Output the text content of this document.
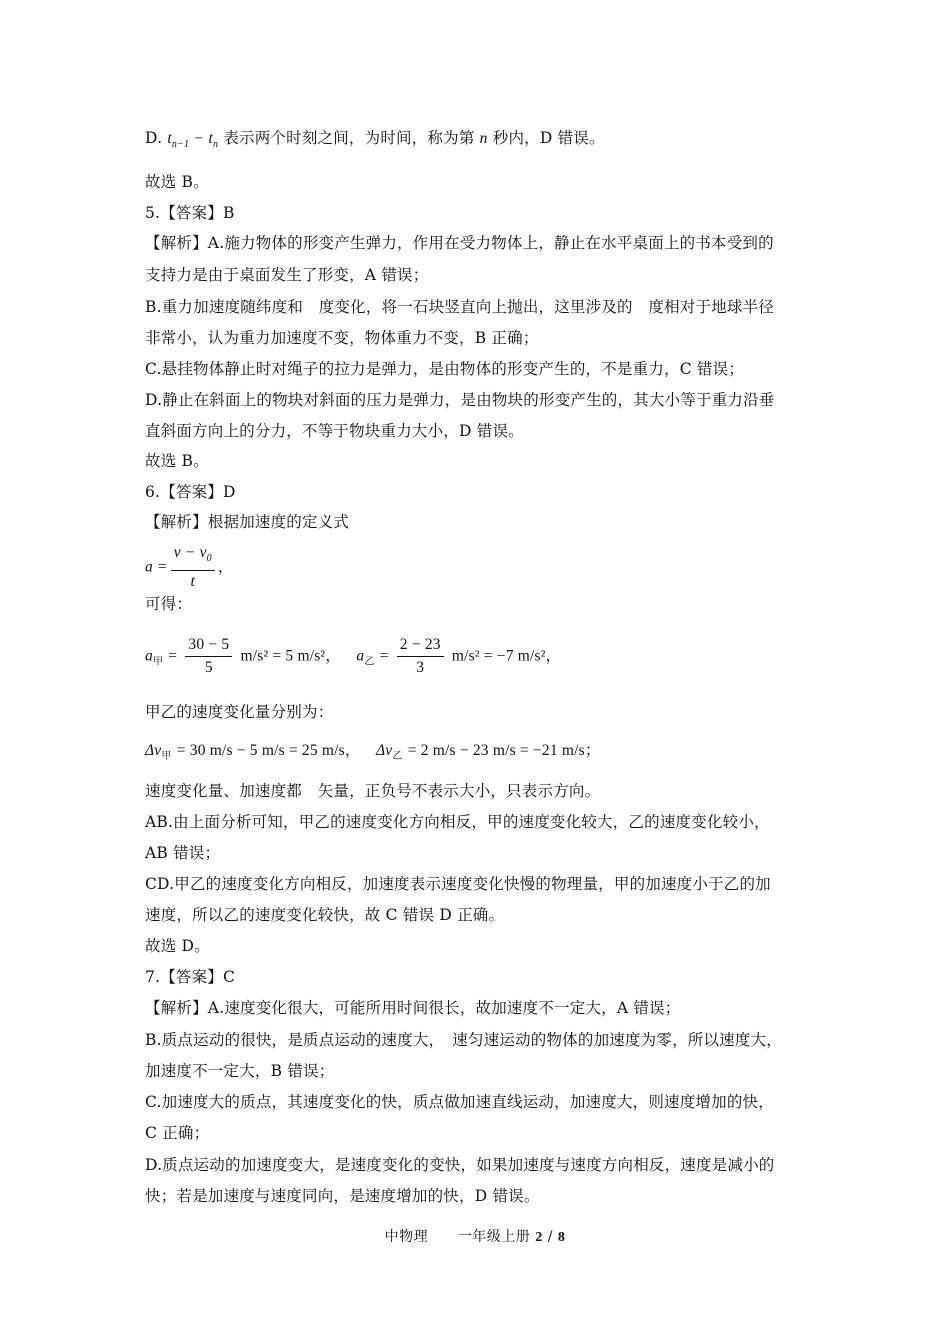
D. $t_{n-1} - t_n$ 表示两个时刻之间，为时间，称为第 n 秒内，D 错误。
故选 B。
5.【答案】B
【解析】A.施力物体的形变产生弹力，作用在受力物体上，静止在水平桌面上的书本受到的
支持力是由于桌面发生了形变，A 错误；
B.重力加速度随纬度和　度变化，将一石块竖直向上抛出，这里涉及的　度相对于地球半径
非常小，认为重力加速度不变，物体重力不变，B 正确；
C.悬挂物体静止时对绳子的拉力是弹力，是由物体的形变产生的，不是重力，C 错误；
D.静止在斜面上的物块对斜面的压力是弹力，是由物块的形变产生的，其大小等于重力沿垂
直斜面方向上的分力，不等于物块重力大小，D 错误。
故选 B。
6.【答案】D
【解析】根据加速度的定义式
$a = \frac{v - v_0}{t}$ ，
可得：
$a_甲 = \frac{30 - 5}{5} m/s^2 = 5$ m/s²， $a_乙 = \frac{2 - 23}{3} m/s^2 = -7$ m/s²，
甲乙的速度变化量分别为：
$\Delta v_甲 = 30$ m/s − 5 m/s = 25 m/s， $\Delta v_乙 = 2$ m/s − 23 m/s = −21 m/s；
速度变化量、加速度都　矢量，正负号不表示大小，只表示方向。
AB.由上面分析可知，甲乙的速度变化方向相反，甲的速度变化较大，乙的速度变化较小，
AB 错误；
CD.甲乙的速度变化方向相反，加速度表示速度变化快慢的物理量，甲的加速度小于乙的加
速度，所以乙的速度变化较快，故 C 错误 D 正确。
故选 D。
7.【答案】C
【解析】A.速度变化很大，可能所用时间很长，故加速度不一定大，A 错误；
B.质点运动的很快，是质点运动的速度大，　速匀速运动的物体的加速度为零，所以速度大，
加速度不一定大，B 错误；
C.加速度大的质点，其速度变化的快，质点做加速直线运动，加速度大，则速度增加的快，
C 正确；
D.质点运动的加速度变大，是速度变化的变快，如果加速度与速度方向相反，速度是减小的
快；若是加速度与速度同向，是速度增加的快，D 错误。
中物理 一年级上册 2 / 8
